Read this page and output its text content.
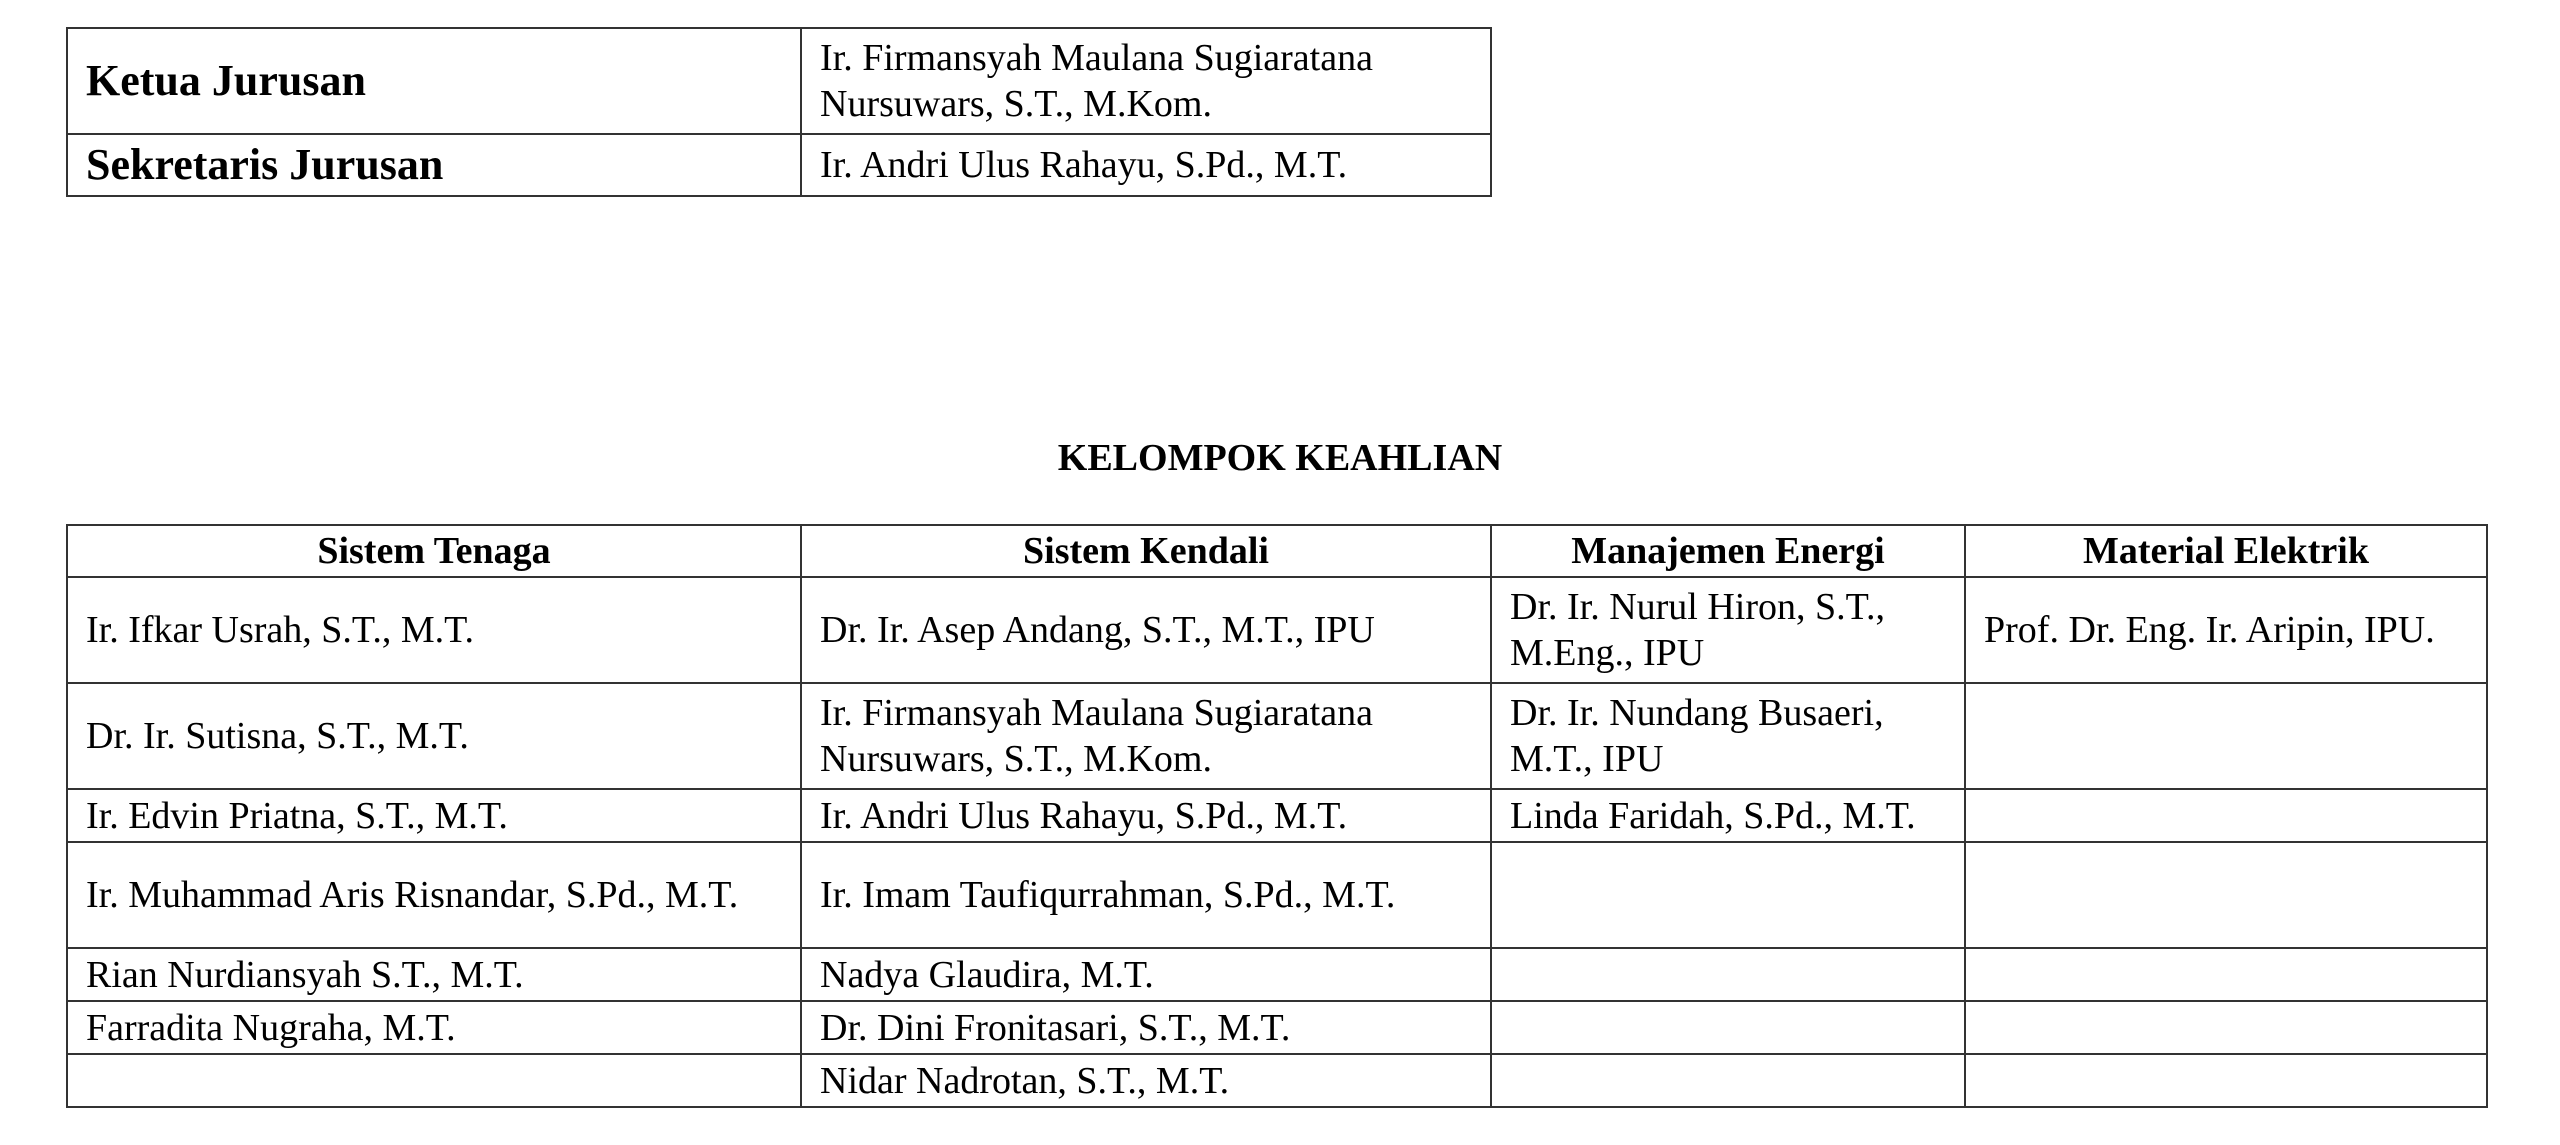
Ketua Jurusan	Ir. Firmansyah Maulana Sugiaratana Nursuwars, S.T., M.Kom.
Sekretaris Jurusan	Ir. Andri Ulus Rahayu, S.Pd., M.T.
KELOMPOK KEAHLIAN
Sistem Tenaga	Sistem Kendali	Manajemen Energi	Material Elektrik
Ir. Ifkar Usrah, S.T., M.T.	Dr. Ir. Asep Andang, S.T., M.T., IPU	Dr. Ir. Nurul Hiron, S.T., M.Eng., IPU	Prof. Dr. Eng. Ir. Aripin, IPU.
Dr. Ir. Sutisna, S.T., M.T.	Ir. Firmansyah Maulana Sugiaratana Nursuwars, S.T., M.Kom.	Dr. Ir. Nundang Busaeri, M.T., IPU	
Ir. Edvin Priatna, S.T., M.T.	Ir. Andri Ulus Rahayu, S.Pd., M.T.	Linda Faridah, S.Pd., M.T.	
Ir. Muhammad Aris Risnandar, S.Pd., M.T.	Ir. Imam Taufiqurrahman, S.Pd., M.T.		
Rian Nurdiansyah S.T., M.T.	Nadya Glaudira, M.T.		
Farradita Nugraha, M.T.	Dr. Dini Fronitasari, S.T., M.T.		
	Nidar Nadrotan, S.T., M.T.		
